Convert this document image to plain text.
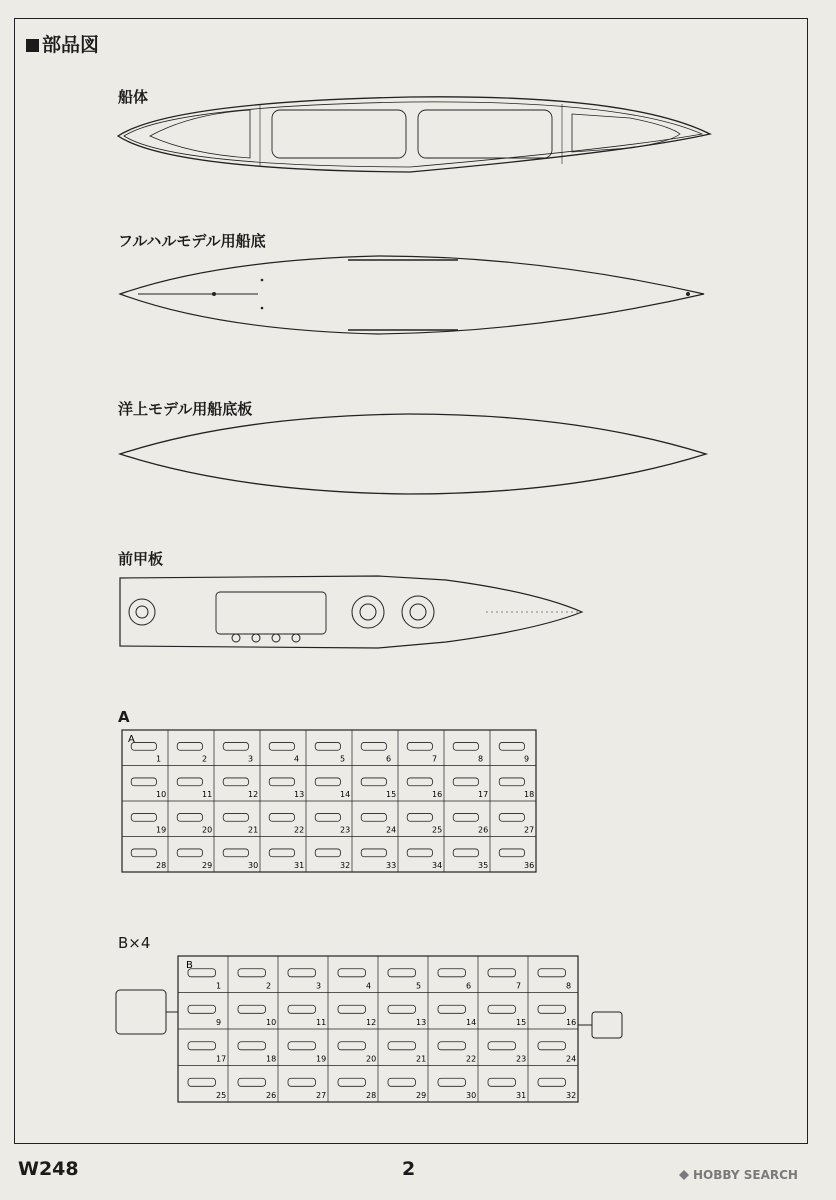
部品図
船体
フルハルモデル用船底
洋上モデル用船底板
前甲板
A
1	2	3	4	5	6	7	8	9
10	11	12	13	14	15	16	17	18
19	20	21	22	23	24	25	26	27
28	29	30	31	32	33	34	35	36
A
B×4
1	2	3	4	5	6	7	8
9	10	11	12	13	14	15	16
17	18	19	20	21	22	23	24
25	26	27	28	29	30	31	32
B
W248	2	HOBBY SEARCH
